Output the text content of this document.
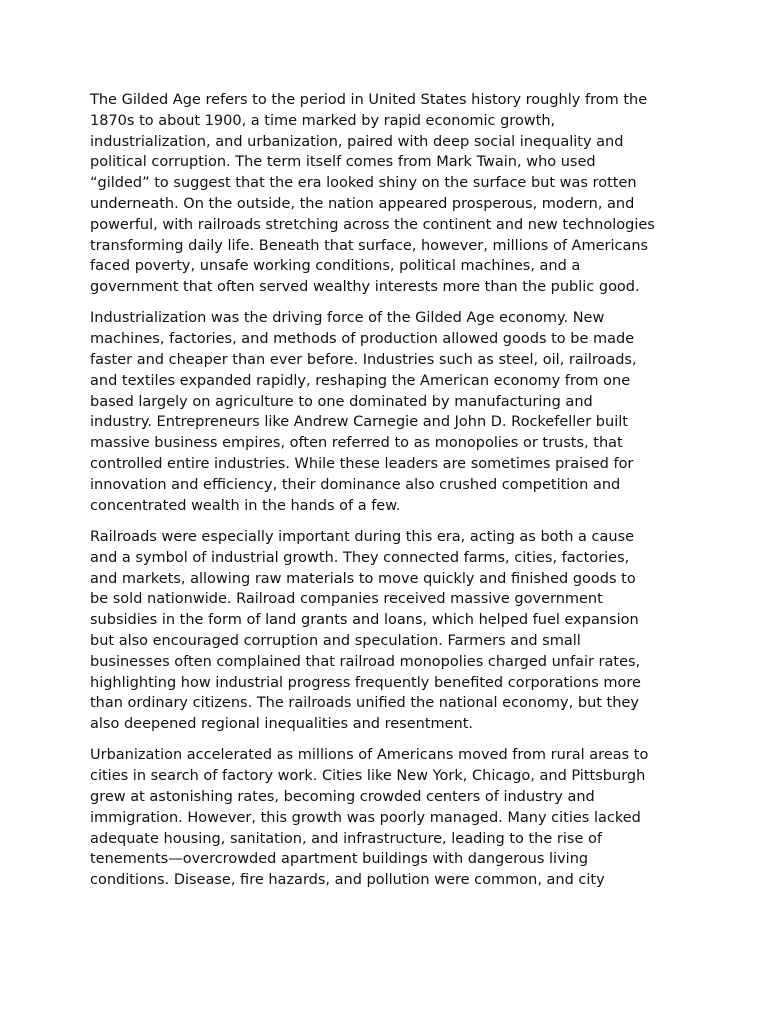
The Gilded Age refers to the period in United States history roughly from the
1870s to about 1900, a time marked by rapid economic growth,
industrialization, and urbanization, paired with deep social inequality and
political corruption. The term itself comes from Mark Twain, who used
“gilded” to suggest that the era looked shiny on the surface but was rotten
underneath. On the outside, the nation appeared prosperous, modern, and
powerful, with railroads stretching across the continent and new technologies
transforming daily life. Beneath that surface, however, millions of Americans
faced poverty, unsafe working conditions, political machines, and a
government that often served wealthy interests more than the public good.
Industrialization was the driving force of the Gilded Age economy. New
machines, factories, and methods of production allowed goods to be made
faster and cheaper than ever before. Industries such as steel, oil, railroads,
and textiles expanded rapidly, reshaping the American economy from one
based largely on agriculture to one dominated by manufacturing and
industry. Entrepreneurs like Andrew Carnegie and John D. Rockefeller built
massive business empires, often referred to as monopolies or trusts, that
controlled entire industries. While these leaders are sometimes praised for
innovation and efficiency, their dominance also crushed competition and
concentrated wealth in the hands of a few.
Railroads were especially important during this era, acting as both a cause
and a symbol of industrial growth. They connected farms, cities, factories,
and markets, allowing raw materials to move quickly and finished goods to
be sold nationwide. Railroad companies received massive government
subsidies in the form of land grants and loans, which helped fuel expansion
but also encouraged corruption and speculation. Farmers and small
businesses often complained that railroad monopolies charged unfair rates,
highlighting how industrial progress frequently benefited corporations more
than ordinary citizens. The railroads unified the national economy, but they
also deepened regional inequalities and resentment.
Urbanization accelerated as millions of Americans moved from rural areas to
cities in search of factory work. Cities like New York, Chicago, and Pittsburgh
grew at astonishing rates, becoming crowded centers of industry and
immigration. However, this growth was poorly managed. Many cities lacked
adequate housing, sanitation, and infrastructure, leading to the rise of
tenements—overcrowded apartment buildings with dangerous living
conditions. Disease, fire hazards, and pollution were common, and city
